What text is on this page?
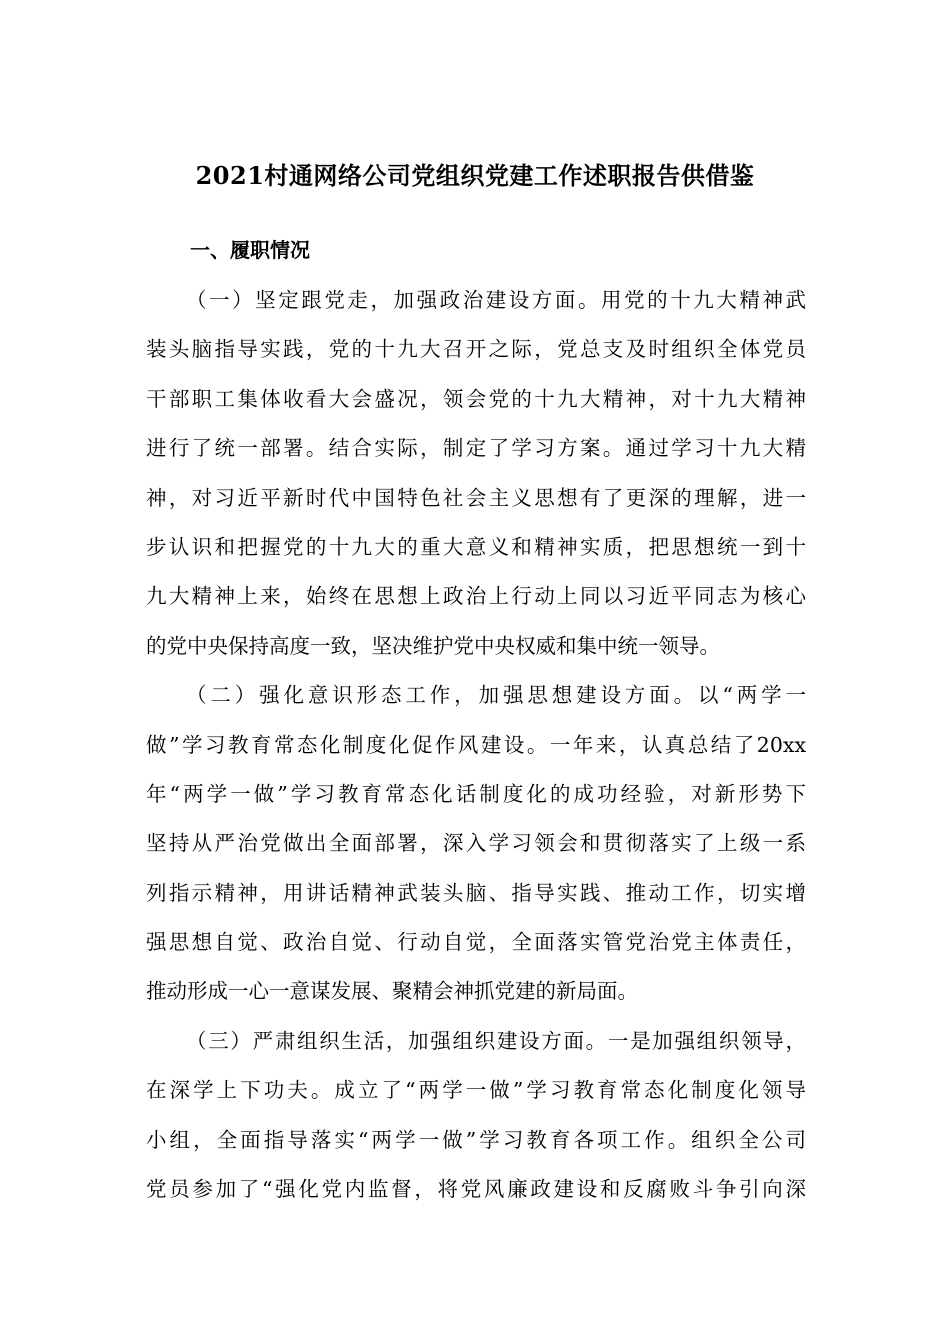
2021村通网络公司党组织党建工作述职报告供借鉴
一、履职情况
（一）坚定跟党走，加强政治建设方面。用党的十九大精神武
装头脑指导实践，党的十九大召开之际，党总支及时组织全体党员
干部职工集体收看大会盛况，领会党的十九大精神，对十九大精神
进行了统一部署。结合实际，制定了学习方案。通过学习十九大精
神，对习近平新时代中国特色社会主义思想有了更深的理解，进一
步认识和把握党的十九大的重大意义和精神实质，把思想统一到十
九大精神上来，始终在思想上政治上行动上同以习近平同志为核心
的党中央保持高度一致，坚决维护党中央权威和集中统一领导。
（二）强化意识形态工作，加强思想建设方面。以“两学一
做”学习教育常态化制度化促作风建设。一年来，认真总结了20xx
年“两学一做”学习教育常态化话制度化的成功经验，对新形势下
坚持从严治党做出全面部署，深入学习领会和贯彻落实了上级一系
列指示精神，用讲话精神武装头脑、指导实践、推动工作，切实增
强思想自觉、政治自觉、行动自觉，全面落实管党治党主体责任，
推动形成一心一意谋发展、聚精会神抓党建的新局面。
（三）严肃组织生活，加强组织建设方面。一是加强组织领导，
在深学上下功夫。成立了“两学一做”学习教育常态化制度化领导
小组，全面指导落实“两学一做”学习教育各项工作。组织全公司
党员参加了“强化党内监督，将党风廉政建设和反腐败斗争引向深
